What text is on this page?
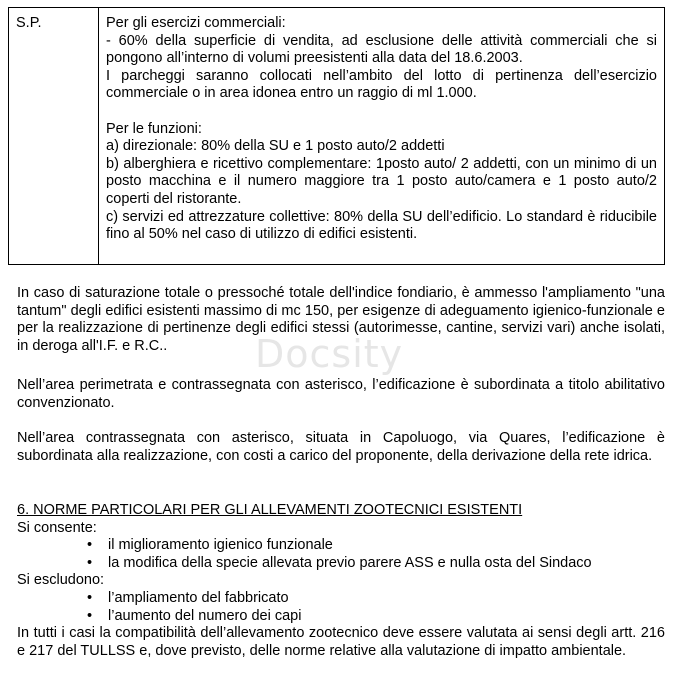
Docsity
S.P.	Per gli esercizi commerciali:

- 60% della superficie di vendita, ad esclusione delle attività commerciali che si pongono all’interno di volumi preesistenti alla data del 18.6.2003.

I parcheggi saranno collocati nell’ambito del lotto di pertinenza dell’esercizio commerciale o in area idonea entro un raggio di ml 1.000.

Per le funzioni:

a) direzionale: 80% della SU e 1 posto auto/2 addetti

b) alberghiera e ricettivo complementare: 1posto auto/ 2 addetti, con un minimo di un posto macchina e il numero maggiore tra 1 posto auto/camera e 1 posto auto/2 coperti del ristorante.

c) servizi ed attrezzature collettive: 80% della SU dell’edificio. Lo standard è riducibile fino al 50% nel caso di utilizzo di edifici esistenti.

In caso di saturazione totale o pressoché totale dell'indice fondiario, è ammesso l'ampliamento "una tantum" degli edifici esistenti massimo di mc 150, per esigenze di adeguamento igienico-funzionale e per la realizzazione di pertinenze degli edifici stessi (autorimesse, cantine, servizi vari) anche isolati, in deroga all'I.F. e R.C..

Nell’area perimetrata e contrassegnata con asterisco, l’edificazione è subordinata a titolo abilitativo convenzionato.

Nell’area contrassegnata con asterisco, situata in Capoluogo, via Quares, l’edificazione è subordinata alla realizzazione, con costi a carico del proponente, della derivazione della rete idrica.

6. NORME PARTICOLARI PER GLI ALLEVAMENTI ZOOTECNICI ESISTENTI

Si consente:

• il miglioramento igienico funzionale
• la modifica della specie allevata previo parere ASS e nulla osta del Sindaco

Si escludono:

• l’ampliamento del fabbricato
• l’aumento del numero dei capi

In tutti i casi la compatibilità dell’allevamento zootecnico deve essere valutata ai sensi degli artt. 216 e 217 del TULLSS e, dove previsto, delle norme relative alla valutazione di impatto ambientale.
